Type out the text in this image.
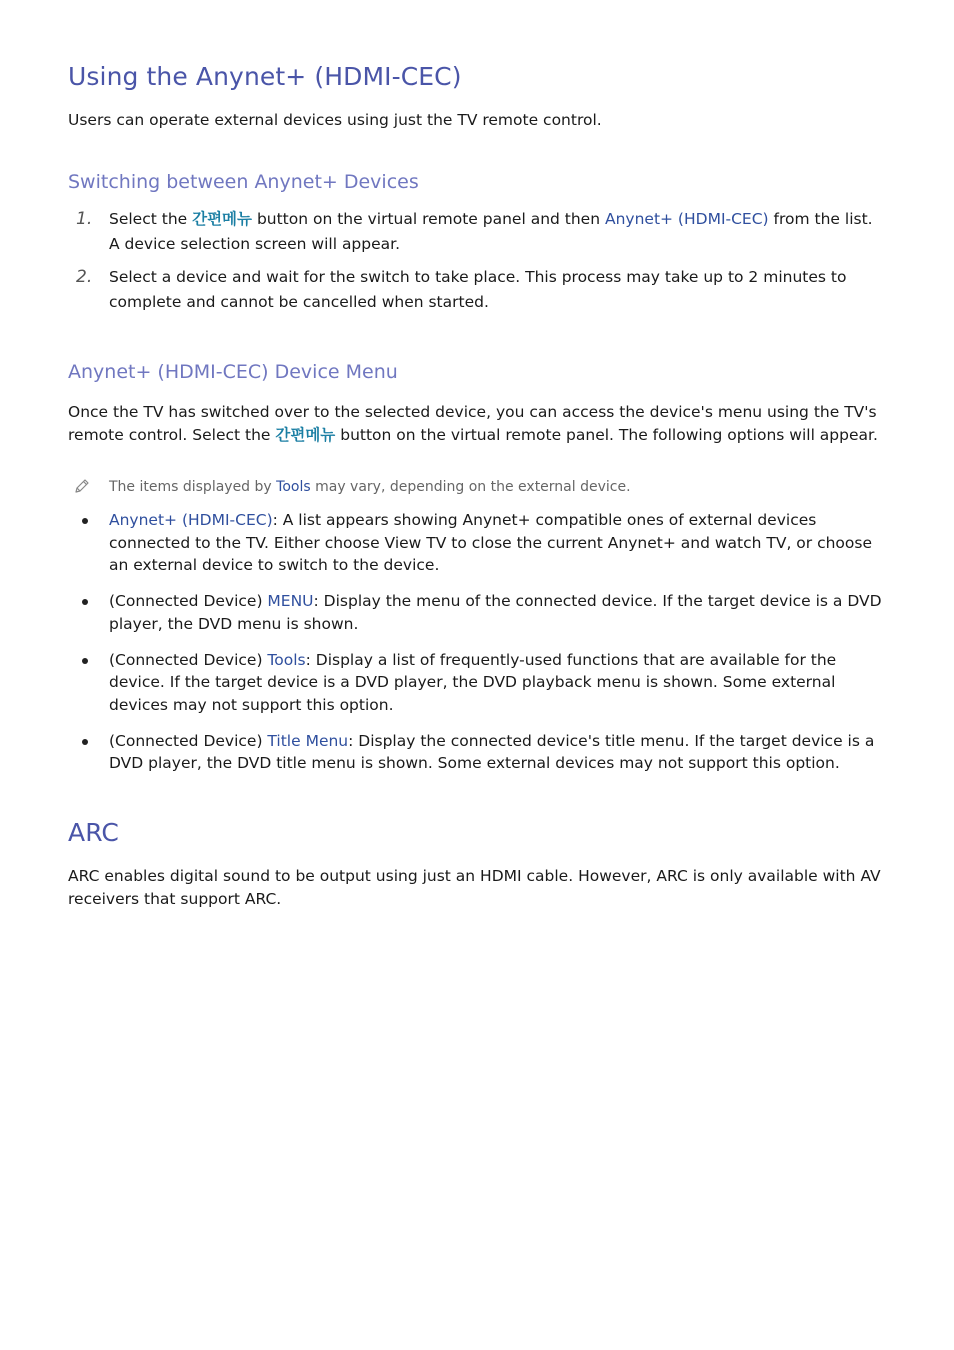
Using the Anynet+ (HDMI-CEC)

Users can operate external devices using just the TV remote control.

Switching between Anynet+ Devices
1. Select the 간편메뉴 button on the virtual remote panel and then Anynet+ (HDMI-CEC) from the list. A device selection screen will appear.
2. Select a device and wait for the switch to take place. This process may take up to 2 minutes to complete and cannot be cancelled when started.
Anynet+ (HDMI-CEC) Device Menu

Once the TV has switched over to the selected device, you can access the device's menu using the TV's remote control. Select the 간편메뉴 button on the virtual remote panel. The following options will appear.

The items displayed by Tools may vary, depending on the external device.
Anynet+ (HDMI-CEC): A list appears showing Anynet+ compatible ones of external devices connected to the TV. Either choose View TV to close the current Anynet+ and watch TV, or choose an external device to switch to the device.
(Connected Device) MENU: Display the menu of the connected device. If the target device is a DVD player, the DVD menu is shown.
(Connected Device) Tools: Display a list of frequently-used functions that are available for the device. If the target device is a DVD player, the DVD playback menu is shown. Some external devices may not support this option.
(Connected Device) Title Menu: Display the connected device's title menu. If the target device is a DVD player, the DVD title menu is shown. Some external devices may not support this option.
ARC

ARC enables digital sound to be output using just an HDMI cable. However, ARC is only available with AV receivers that support ARC.
